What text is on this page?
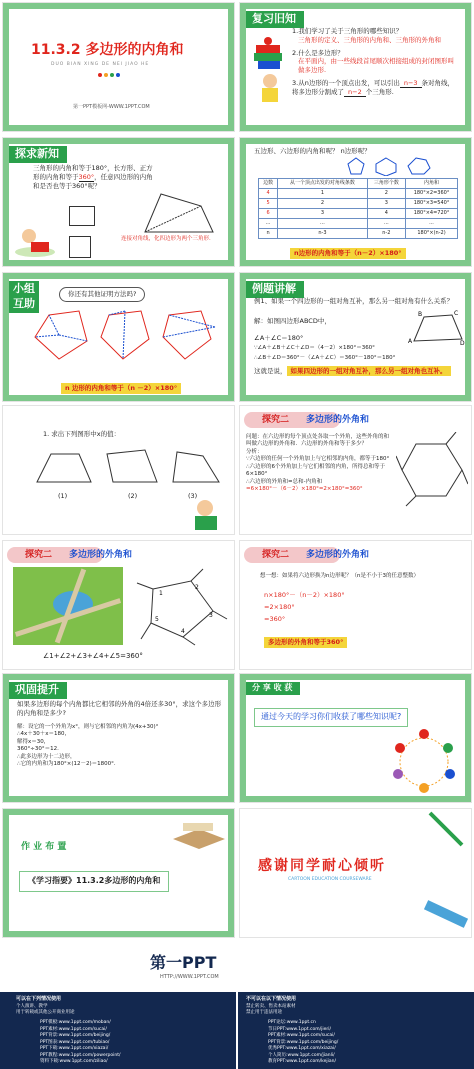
11.3.2 多边形的内角和
DUO BIAN XING DE NEI JIAO HE
第一PPT模板网-WWW.1PPT.COM
复习旧知
1.我们学习了关于三角形的哪些知识？
三角形的定义、三角形的内角和、三角形的外角和
2.什么是多边形？
在平面内，由一些线段首尾顺次相接组成的封闭图形叫做多边形.
3.从n边形的一个顶点出发，可以引出 n−3 条对角线，将多边形分割成了 n−2 个三角形.
探求新知
三角形的内角和等于180°，长方形、正方形的内角和等于360°，任意四边形的内角和是否也等于360°呢？
连接对角线，化四边形为两个三角形.
五边形、六边形的内角和呢？ n边形呢？
边数	从一个顶点出发的对角线条数	三角形个数	内角和
4	1	2	180°×2=360°
5	2	3	180°×3=540°
6	3	4	180°×4=720°
...	...	...	...
n	n-3	n-2	180°×(n-2)
n边形的内角和等于（n－2）×180°
小组
互助
你还有其他证明方法吗?
n 边形的内角和等于（n －2）×180°
例题讲解
例1、如果一个四边形的一组对角互补，那么另一组对角有什么关系？
解：如图四边形ABCD中，
∠A＋∠C＝180°
∵∠A＋∠B＋∠C＋∠D＝（4－2）×180°＝360°
∴∠B＋∠D＝360°－（∠A＋∠C）＝360°－180°＝180°
A
B	C
D
这就是说， 如果四边形的一组对角互补，那么另一组对角也互补。
1. 求出下列图形中x的值：
(1)	(2)	(3)
探究二 多边形的外角和
问题：在六边形的每个顶点处各取一个外角，这些外角的和叫做六边形的外角和．六边形的外角和等于多少？
分析：
∵六边形的任何一个外角加上与它相邻的内角，都等于180°
∴六边形的6个外角加上与它们相邻的内角，所得总和等于6×180°
∴六边形的外角和=总和-内角和
=6×180°－（6－2）×180°=2×180°=360°
探究二 多边形的外角和
1
2
3
4
5
∠1+∠2+∠3+∠4+∠5=360°
探究二 多边形的外角和
想一想：如果将六边形换为n边形呢？（n是不小于3的任意整数）
n×180°－（n－2）×180°
=2×180°
=360°
多边形的外角和等于360°
巩固提升
如果多边形的每个内角都比它相邻的外角的4倍还多30°，求这个多边形的内角和是多少?
解：设它的一个外角为x°，则与它相邻的内角为(4x+30)°
∴4x＋30＋x＝180，
解得x＝30，
360°÷30°＝12.
∴此多边形为十二边形，
∴它的内角和为180°×(12－2)＝1800°.
分 享 收 获
通过今天的学习你们收获了哪些知识呢?
作 业 布 置
《学习指要》11.3.2多边形的内角和
感谢同学耐心倾听
CARTOON EDUCATION COURSEWARE
第一PPT
HTTP://WWW.1PPT.COM
可以在下列情况使用
个人演讲、教学
用于转载或其他公开商业用途
PPT模板:www.1ppt.com/moban/
PPT素材:www.1ppt.com/sucai/
PPT背景:www.1ppt.com/beijing/
PPT图表:www.1ppt.com/tubiao/
PPT下载:www.1ppt.com/xiazai/
PPT教程:www.1ppt.com/powerpoint/
资料下载:www.1ppt.com/ziliao/
不可以在以下情况使用
禁止转卖、售卖本站素材
禁止用于违法用途
PPT论坛:www.1ppt.cn
节日PPT:www.1ppt.com/jieri/
PPT素材:www.1ppt.com/sucai/
PPT背景:www.1ppt.com/beijing/
优秀PPT:www.1ppt.com/xiazai/
个人简历:www.1ppt.com/jianli/
教育PPT:www.1ppt.com/kejian/
